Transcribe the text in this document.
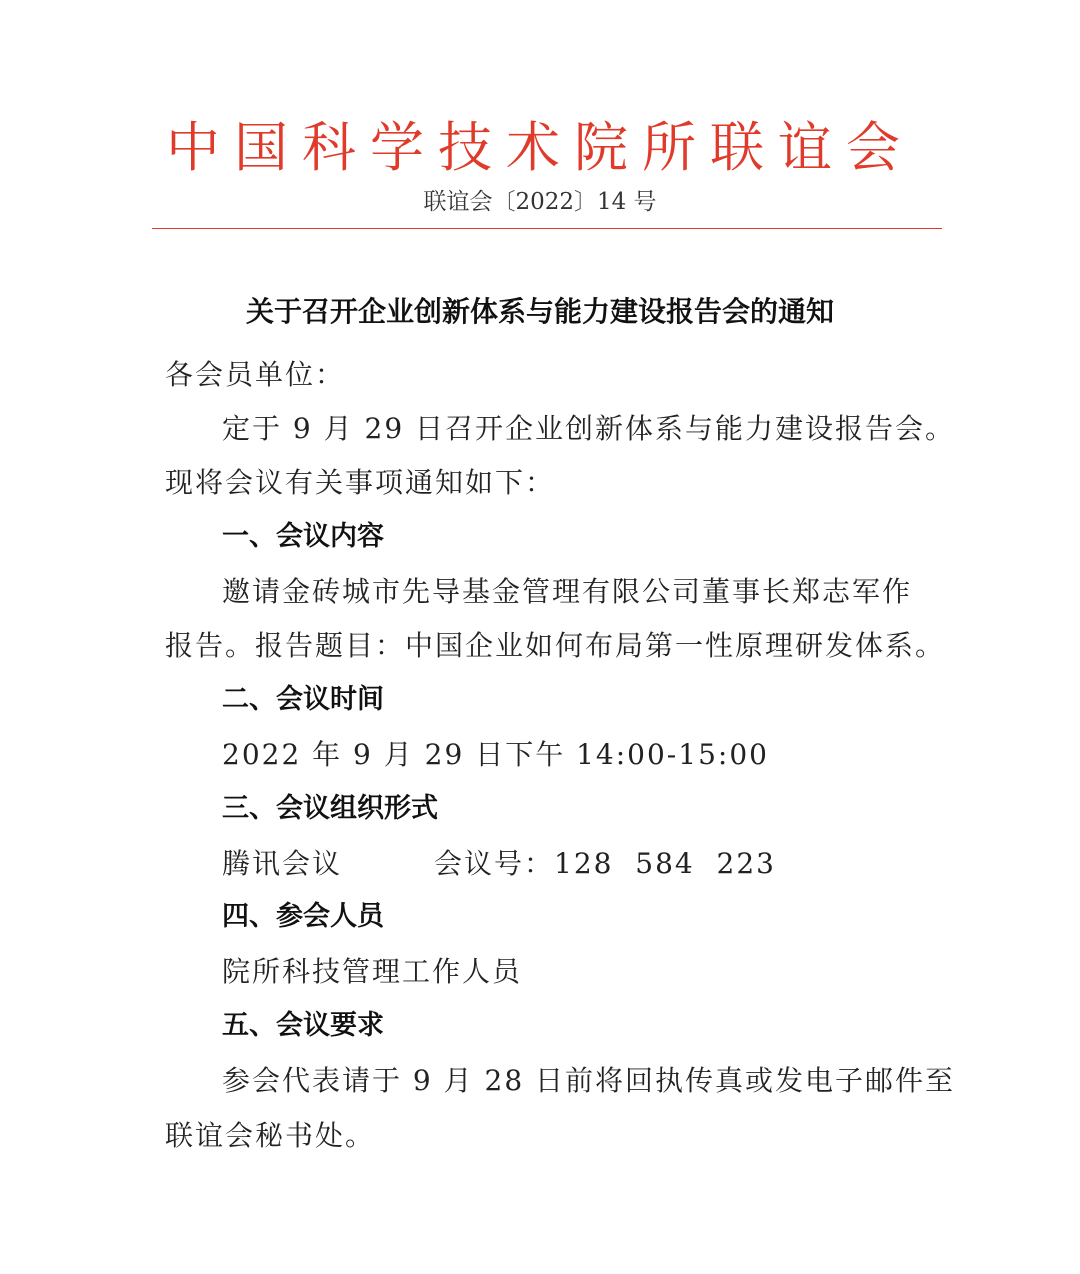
中国科学技术院所联谊会
联谊会〔2022〕14 号
关于召开企业创新体系与能力建设报告会的通知
各会员单位：
定于 9 月 29 日召开企业创新体系与能力建设报告会。
现将会议有关事项通知如下：
一、会议内容
邀请金砖城市先导基金管理有限公司董事长郑志军作
报告。报告题目：中国企业如何布局第一性原理研发体系。
二、会议时间
2022 年 9 月 29 日下午 14:00-15:00
三、会议组织形式
腾讯会议	会议号：128  584  223
四、参会人员
院所科技管理工作人员
五、会议要求
参会代表请于 9 月 28 日前将回执传真或发电子邮件至
联谊会秘书处。
